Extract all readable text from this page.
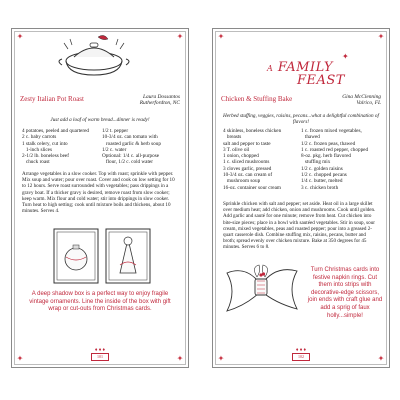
✦	✦
✦	✦
Zesty Italian Pot Roast	Laura Dossantos
Rutherfordton, NC
Just add a loaf of warm bread...dinner is ready!
4 potatoes, peeled and quartered
2 c. baby carrots
1 stalk celery, cut into
1-inch slices
2-1/2 lb. boneless beef
chuck roast
1/2 t. pepper
10-3/4 oz. can tomato with
roasted garlic & herb soup
1/2 c. water
Optional: 1/4 c. all-purpose
flour, 1/2 c. cold water
Arrange vegetables in a slow cooker. Top with roast; sprinkle with pepper. Mix soup and water; pour over roast. Cover and cook on low setting for 10 to 12 hours. Serve roast surrounded with vegetables; pass drippings in a gravy boat. If a thicker gravy is desired, remove roast from slow cooker; keep warm. Mix flour and cold water; stir into drippings in slow cooker. Turn heat to high setting; cook until mixture boils and thickens, about 10 minutes. Serves 4.
A deep shadow box is a perfect way to enjoy fragile vintage ornaments. Line the inside of the box with gift wrap or cut-outs from Christmas cards.
♦ ♦ ♦
101
✦	✦
✦	✦
Chicken & Stuffing Bake	Gina McClenning
Valrico, FL
Herbed stuffing, veggies, raisins, pecans...what a delightful combination of flavors!
4 skinless, boneless chicken
breasts
salt and pepper to taste
3 T. olive oil
1 onion, chopped
1 c. sliced mushrooms
3 cloves garlic, pressed
10-3/4 oz. can cream of
mushroom soup
16-oz. container sour cream
1 c. frozen mixed vegetables,
thawed
1/2 c. frozen peas, thawed
1 c. roasted red pepper, chopped
8-oz. pkg. herb flavored
stuffing mix
1/2 c. golden raisins
1/2 c. chopped pecans
1/4 c. butter, melted
3 c. chicken broth
Sprinkle chicken with salt and pepper; set aside. Heat oil in a large skillet over medium heat; add chicken, onion and mushrooms. Cook until golden. Add garlic and sauté for one minute; remove from heat. Cut chicken into bite-size pieces; place in a bowl with sautéed vegetables. Stir in soup, sour cream, mixed vegetables, peas and roasted pepper; pour into a greased 2-quart casserole dish. Combine stuffing mix, raisins, pecans, butter and broth; spread evenly over chicken mixture. Bake at 350 degrees for 45 minutes. Serves 6 to 8.
Turn Christmas cards into festive napkin rings. Cut them into strips with decorative-edge scissors, join ends with craft glue and add a sprig of faux holly...simple!
♦ ♦ ♦
102
A FAMILY
FEAST
✦
